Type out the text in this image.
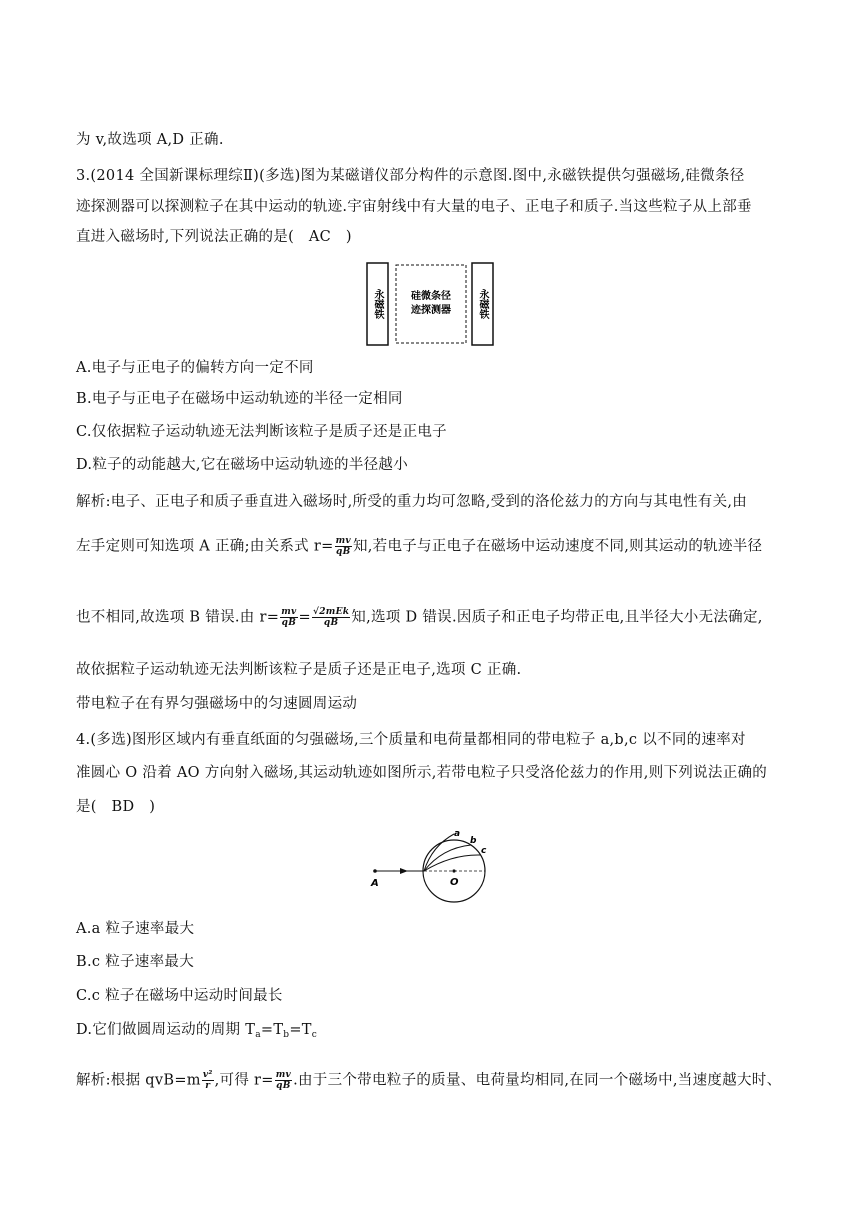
为 v,故选项 A,D 正确.
3.(2014 全国新课标理综Ⅱ)(多选)图为某磁谱仪部分构件的示意图.图中,永磁铁提供匀强磁场,硅微条径
迹探测器可以探测粒子在其中运动的轨迹.宇宙射线中有大量的电子、正电子和质子.当这些粒子从上部垂
直进入磁场时,下列说法正确的是(　AC　)
永磁铁	硅微条径
迹探测器	永磁铁
A.电子与正电子的偏转方向一定不同
B.电子与正电子在磁场中运动轨迹的半径一定相同
C.仅依据粒子运动轨迹无法判断该粒子是质子还是正电子
D.粒子的动能越大,它在磁场中运动轨迹的半径越小
解析:电子、正电子和质子垂直进入磁场时,所受的重力均可忽略,受到的洛伦兹力的方向与其电性有关,由
左手定则可知选项 A 正确;由关系式 $r= \frac{mv}{qB}$ 知,若电子与正电子在磁场中运动速度不同,则其运动的轨迹半径
也不相同,故选项 B 错误.由 $r= \frac{mv}{qB} = \frac{\text{√2mEk}}{qB}$ 知,选项 D 错误.因质子和正电子均带正电,且半径大小无法确定,
故依据粒子运动轨迹无法判断该粒子是质子还是正电子,选项 C 正确.
带电粒子在有界匀强磁场中的匀速圆周运动
4.(多选)图形区域内有垂直纸面的匀强磁场,三个质量和电荷量都相同的带电粒子 a,b,c 以不同的速率对
准圆心 O 沿着 AO 方向射入磁场,其运动轨迹如图所示,若带电粒子只受洛伦兹力的作用,则下列说法正确的
是(　BD　)
A	O
a
b
c
A.a 粒子速率最大
B.c 粒子速率最大
C.c 粒子在磁场中运动时间最长
D.它们做圆周运动的周期 $T_a=T_b=T_c$
解析:根据 $qvB=m \frac{\text{v²}}{r}$ ,可得 $r= \frac{mv}{qB}$ .由于三个带电粒子的质量、电荷量均相同,在同一个磁场中,当速度越大时、
